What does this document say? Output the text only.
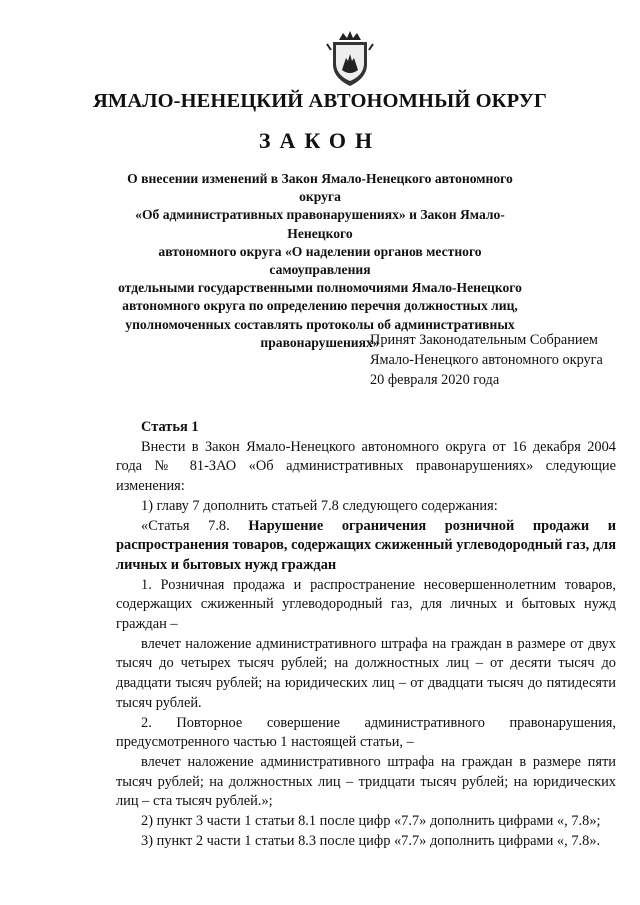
ЯМАЛО-НЕНЕЦКИЙ АВТОНОМНЫЙ ОКРУГ
ЗАКОН
О внесении изменений в Закон Ямало-Ненецкого автономного округа
«Об административных правонарушениях» и Закон Ямало-Ненецкого
автономного округа «О наделении органов местного самоуправления
отдельными государственными полномочиями Ямало-Ненецкого
автономного округа по определению перечня должностных лиц,
уполномоченных составлять протоколы об административных
правонарушениях»
Принят Законодательным Собранием
Ямало-Ненецкого автономного округа
20 февраля 2020 года

Статья 1

Внести в Закон Ямало-Ненецкого автономного округа от 16 декабря 2004 года № 81-ЗАО «Об административных правонарушениях» следующие изменения:

1) главу 7 дополнить статьей 7.8 следующего содержания:

«Статья 7.8. Нарушение ограничения розничной продажи и распространения товаров, содержащих сжиженный углеводородный газ, для личных и бытовых нужд граждан

1. Розничная продажа и распространение несовершеннолетним товаров, содержащих сжиженный углеводородный газ, для личных и бытовых нужд граждан –

влечет наложение административного штрафа на граждан в размере от двух тысяч до четырех тысяч рублей; на должностных лиц – от десяти тысяч до двадцати тысяч рублей; на юридических лиц – от двадцати тысяч до пятидесяти тысяч рублей.

2. Повторное совершение административного правонарушения, предусмотренного частью 1 настоящей статьи, –

влечет наложение административного штрафа на граждан в размере пяти тысяч рублей; на должностных лиц – тридцати тысяч рублей; на юридических лиц – ста тысяч рублей.»;

2) пункт 3 части 1 статьи 8.1 после цифр «7.7» дополнить цифрами «, 7.8»;

3) пункт 2 части 1 статьи 8.3 после цифр «7.7» дополнить цифрами «, 7.8».
